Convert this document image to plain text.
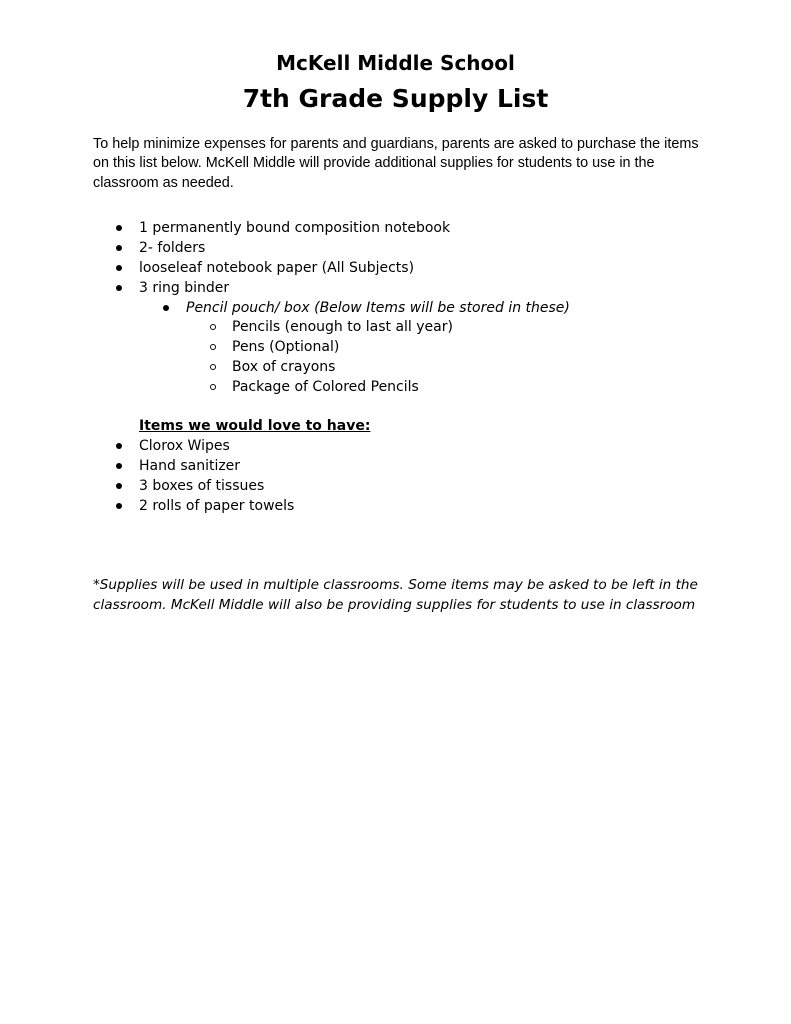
McKell Middle School
7th Grade Supply List
To help minimize expenses for parents and guardians, parents are asked to purchase the items on this list below. McKell Middle will provide additional supplies for students to use in the classroom as needed.
1 permanently bound composition notebook
2- folders
looseleaf notebook paper (All Subjects)
3 ring binder
Pencil pouch/ box (Below Items will be stored in these)
Pencils (enough to last all year)
Pens (Optional)
Box of crayons
Package of Colored Pencils
Items we would love to have:
Clorox Wipes
Hand sanitizer
3 boxes of tissues
2 rolls of paper towels
*Supplies will be used in multiple classrooms. Some items may be asked to be left in the classroom. McKell Middle will also be providing supplies for students to use in classroom
